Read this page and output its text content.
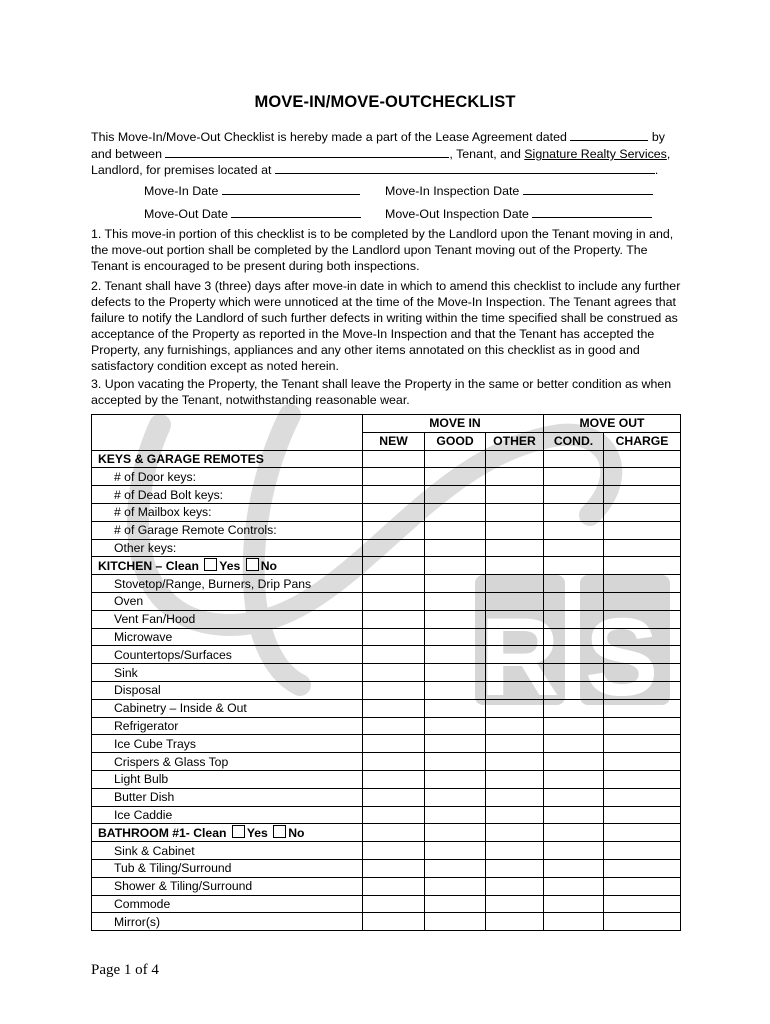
R S
MOVE-IN/MOVE-OUTCHECKLIST
This Move-In/Move-Out Checklist is hereby made a part of the Lease Agreement dated	by
and between	, Tenant, and Signature Realty Services,
Landlord, for premises located at	.
Move-In Date	Move-In Inspection Date
Move-Out Date	Move-Out Inspection Date
1. This move-in portion of this checklist is to be completed by the Landlord upon the Tenant moving in and, the move-out portion shall be completed by the Landlord upon Tenant moving out of the Property. The Tenant is encouraged to be present during both inspections.
2. Tenant shall have 3 (three) days after move-in date in which to amend this checklist to include any further defects to the Property which were unnoticed at the time of the Move-In Inspection. The Tenant agrees that failure to notify the Landlord of such further defects in writing within the time specified shall be construed as acceptance of the Property as reported in the Move-In Inspection and that the Tenant has accepted the Property, any furnishings, appliances and any other items annotated on this checklist as in good and satisfactory condition except as noted herein.
3. Upon vacating the Property, the Tenant shall leave the Property in the same or better condition as when accepted by the Tenant, notwithstanding reasonable wear.
		MOVE IN		MOVE OUT	
	NEW	GOOD	OTHER	COND.	CHARGE
KEYS & GARAGE REMOTES					
# of Door keys:					
# of Dead Bolt keys:					
# of Mailbox keys:					
# of Garage Remote Controls:					
Other keys:					
KITCHEN – Clean Yes No					
Stovetop/Range, Burners, Drip Pans					
Oven					
Vent Fan/Hood					
Microwave					
Countertops/Surfaces					
Sink					
Disposal					
Cabinetry – Inside & Out					
Refrigerator					
Ice Cube Trays					
Crispers & Glass Top					
Light Bulb					
Butter Dish					
Ice Caddie					
BATHROOM #1- Clean Yes No					
Sink & Cabinet					
Tub & Tiling/Surround					
Shower & Tiling/Surround					
Commode					
Mirror(s)					
Page 1 of 4
